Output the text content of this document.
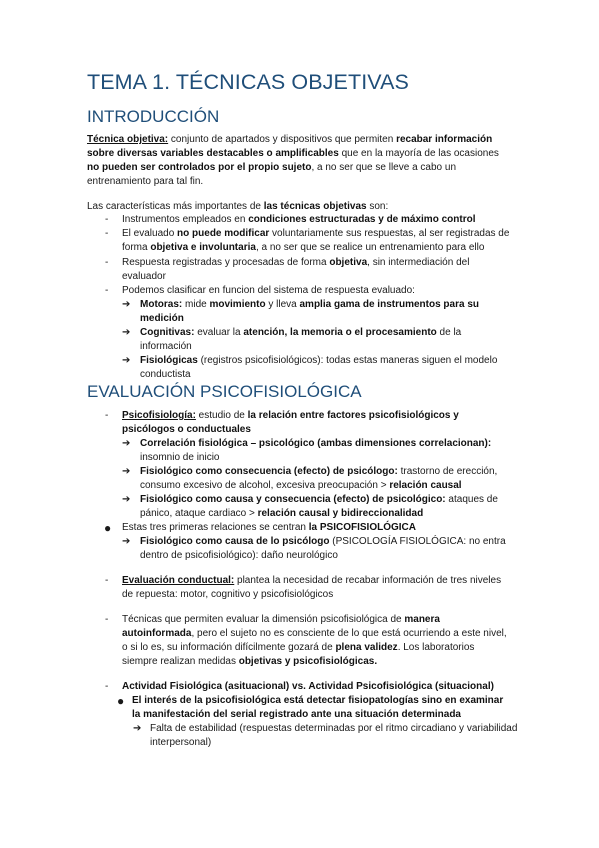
TEMA 1. TÉCNICAS OBJETIVAS
INTRODUCCIÓN
Técnica objetiva: conjunto de apartados y dispositivos que permiten recabar información
sobre diversas variables destacables o amplificables que en la mayoría de las ocasiones
no pueden ser controlados por el propio sujeto, a no ser que se lleve a cabo un
entrenamiento para tal fin.
Las características más importantes de las técnicas objetivas son:
- Instrumentos empleados en condiciones estructuradas y de máximo control
- El evaluado no puede modificar voluntariamente sus respuestas, al ser registradas de
forma objetiva e involuntaria, a no ser que se realice un entrenamiento para ello
- Respuesta registradas y procesadas de forma objetiva, sin intermediación del
evaluador
- Podemos clasificar en funcion del sistema de respuesta evaluado:
➔ Motoras: mide movimiento y lleva amplia gama de instrumentos para su
medición
➔ Cognitivas: evaluar la atención, la memoria o el procesamiento de la
información
➔ Fisiológicas (registros psicofisiológicos): todas estas maneras siguen el modelo
conductista
EVALUACIÓN PSICOFISIOLÓGICA
- Psicofisiología: estudio de la relación entre factores psicofisiológicos y
psicólogos o conductuales
➔ Correlación fisiológica – psicológico (ambas dimensiones correlacionan):
insomnio de inicio
➔ Fisiológico como consecuencia (efecto) de psicólogo: trastorno de erección,
consumo excesivo de alcohol, excesiva preocupación > relación causal
➔ Fisiológico como causa y consecuencia (efecto) de psicológico: ataques de
pánico, ataque cardiaco > relación causal y bidireccionalidad
● Estas tres primeras relaciones se centran la PSICOFISIOLÓGICA
➔ Fisiológico como causa de lo psicólogo (PSICOLOGÍA FISIOLÓGICA: no entra
dentro de psicofisiológico): daño neurológico
- Evaluación conductual: plantea la necesidad de recabar información de tres niveles
de repuesta: motor, cognitivo y psicofisiológicos
- Técnicas que permiten evaluar la dimensión psicofisiológica de manera
autoinformada, pero el sujeto no es consciente de lo que está ocurriendo a este nivel,
o si lo es, su información difícilmente gozará de plena validez. Los laboratorios
siempre realizan medidas objetivas y psicofisiológicas.
- Actividad Fisiológica (asituacional) vs. Actividad Psicofisiológica (situacional)
● El interés de la psicofisiológica está detectar fisiopatologías sino en examinar
la manifestación del serial registrado ante una situación determinada
➔ Falta de estabilidad (respuestas determinadas por el ritmo circadiano y variabilidad
interpersonal)
